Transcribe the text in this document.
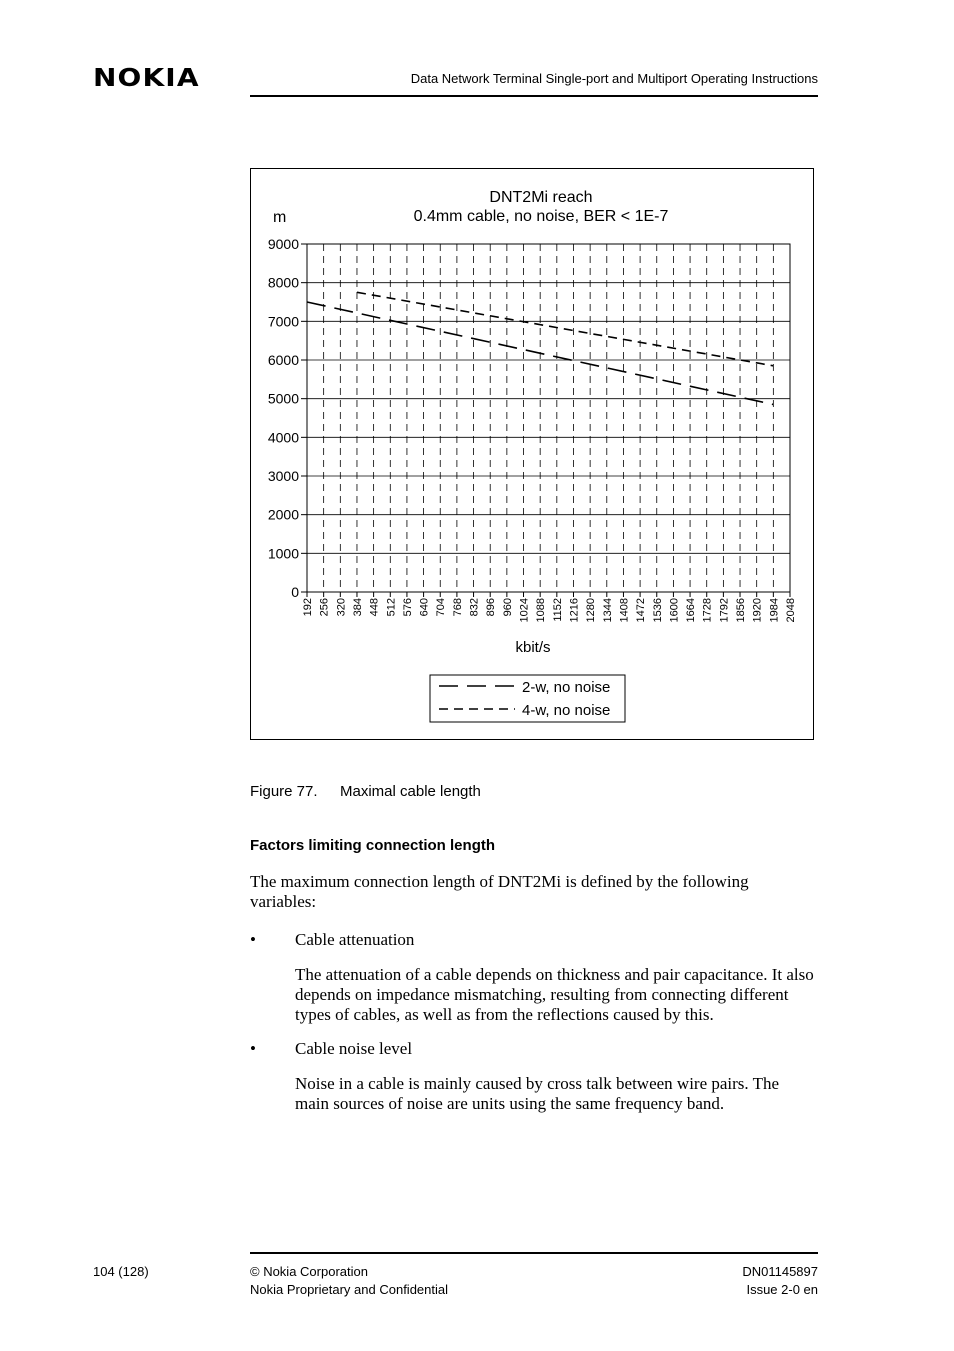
NOKIA	Data Network Terminal Single-port and Multiport Operating Instructions
0
1000
2000
3000
4000
5000
6000
7000
8000
9000
192 256 320 384 448 512 576 640 704 768 832 896 960 1024 1088 1152 1216 1280 1344 1408 1472 1536 1600 1664 1728 1792 1856 1920 1984 2048
DNT2Mi reach
0.4mm cable, no noise, BER < 1E-7
m
kbit/s
2-w, no noise
4-w, no noise
Figure 77. Maximal cable length
Factors limiting connection length
The maximum connection length of DNT2Mi is defined by the following variables:
• Cable attenuation
The attenuation of a cable depends on thickness and pair capacitance. It also depends on impedance mismatching, resulting from connecting different types of cables, as well as from the reflections caused by this.
• Cable noise level
Noise in a cable is mainly caused by cross talk between wire pairs. The main sources of noise are units using the same frequency band.
104 (128)	© Nokia Corporation
Nokia Proprietary and Confidential
DN01145897
Issue 2-0 en
